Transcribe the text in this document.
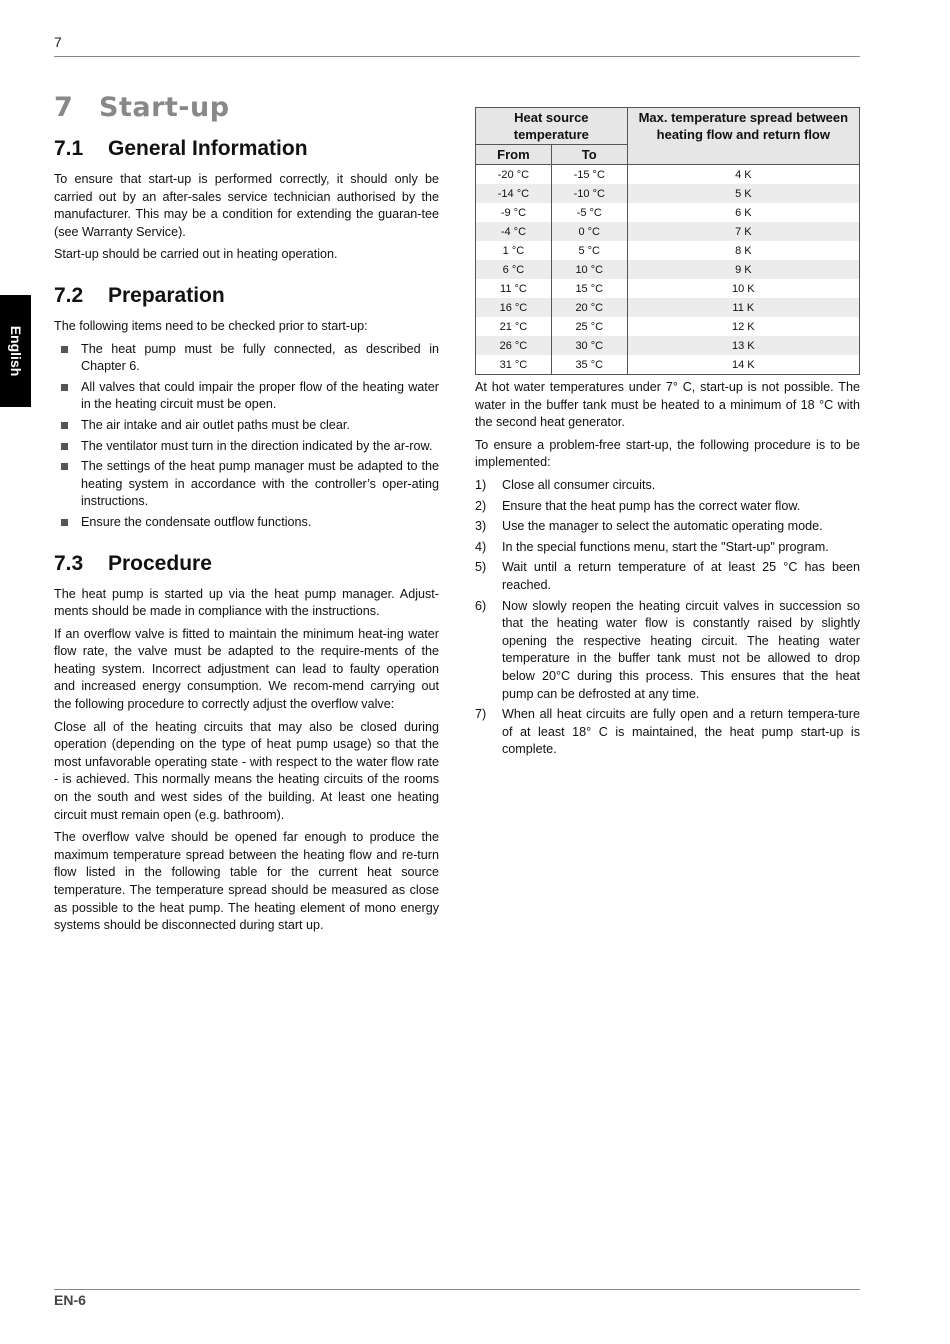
7
English
7 Start-up
7.1 General Information

To ensure that start-up is performed correctly, it should only be carried out by an after-sales service technician authorised by the manufacturer. This may be a condition for extending the guaran-tee (see Warranty Service).

Start-up should be carried out in heating operation.

7.2 Preparation

The following items need to be checked prior to start-up:

The heat pump must be fully connected, as described in Chapter 6.
All valves that could impair the proper flow of the heating water in the heating circuit must be open.
The air intake and air outlet paths must be clear.
The ventilator must turn in the direction indicated by the ar-row.
The settings of the heat pump manager must be adapted to the heating system in accordance with the controller’s oper-ating instructions.
Ensure the condensate outflow functions.
7.3 Procedure

The heat pump is started up via the heat pump manager. Adjust-ments should be made in compliance with the instructions.

If an overflow valve is fitted to maintain the minimum heat-ing water flow rate, the valve must be adapted to the require-ments of the heating system. Incorrect adjustment can lead to faulty operation and increased energy consumption. We recom-mend carrying out the following procedure to correctly adjust the overflow valve:

Close all of the heating circuits that may also be closed during operation (depending on the type of heat pump usage) so that the most unfavorable operating state - with respect to the water flow rate - is achieved. This normally means the heating circuits of the rooms on the south and west sides of the building. At least one heating circuit must remain open (e.g. bathroom).

The overflow valve should be opened far enough to produce the maximum temperature spread between the heating flow and re-turn flow listed in the following table for the current heat source temperature. The temperature spread should be measured as close as possible to the heat pump. The heating element of mono energy systems should be disconnected during start up.

Heat source temperature		Max. temperature spread between heating flow and return flow
From	To	
-20 °C	-15 °C	4 K
-14 °C	-10 °C	5 K
-9 °C	-5 °C	6 K
-4 °C	0 °C	7 K
1 °C	5 °C	8 K
6 °C	10 °C	9 K
11 °C	15 °C	10 K
16 °C	20 °C	11 K
21 °C	25 °C	12 K
26 °C	30 °C	13 K
31 °C	35 °C	14 K

At hot water temperatures under 7° C, start-up is not possible. The water in the buffer tank must be heated to a minimum of 18 °C with the second heat generator.

To ensure a problem-free start-up, the following procedure is to be implemented:

1) Close all consumer circuits.
2) Ensure that the heat pump has the correct water flow.
3) Use the manager to select the automatic operating mode.
4) In the special functions menu, start the "Start-up" program.
5) Wait until a return temperature of at least 25 °C has been reached.
6) Now slowly reopen the heating circuit valves in succession so that the heating water flow is constantly raised by slightly opening the respective heating circuit. The heating water temperature in the buffer tank must not be allowed to drop below 20°C during this process. This ensures that the heat pump can be defrosted at any time.
7) When all heat circuits are fully open and a return tempera-ture of at least 18° C is maintained, the heat pump start-up is complete.
EN-6
